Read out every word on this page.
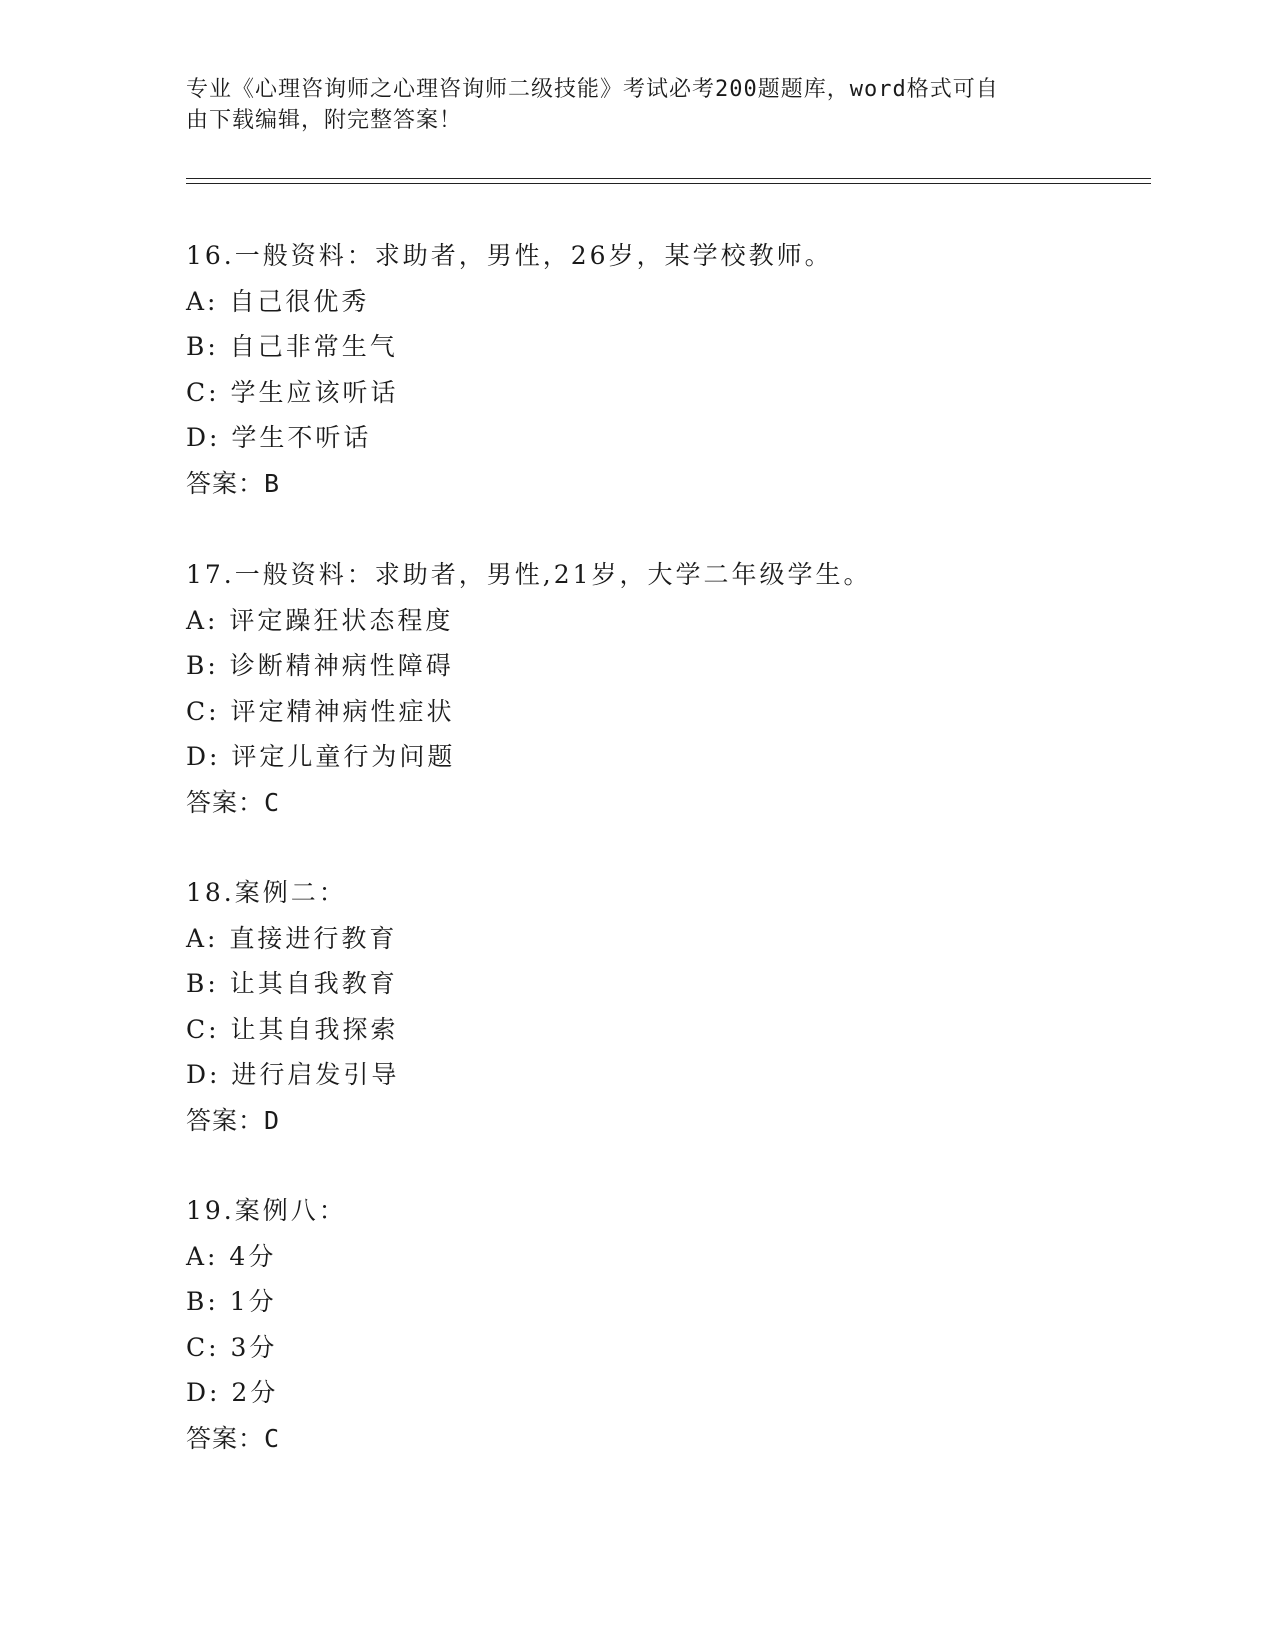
专业《心理咨询师之心理咨询师二级技能》考试必考200题题库，word格式可自
由下载编辑，附完整答案！
16.一般资料：求助者，男性，26岁，某学校教师。
A: 自己很优秀
B: 自己非常生气
C: 学生应该听话
D: 学生不听话
答案：B
17.一般资料：求助者，男性,21岁，大学二年级学生。
A: 评定躁狂状态程度
B: 诊断精神病性障碍
C: 评定精神病性症状
D: 评定儿童行为问题
答案：C
18.案例二：
A: 直接进行教育
B: 让其自我教育
C: 让其自我探索
D: 进行启发引导
答案：D
19.案例八：
A: 4分
B: 1分
C: 3分
D: 2分
答案：C
